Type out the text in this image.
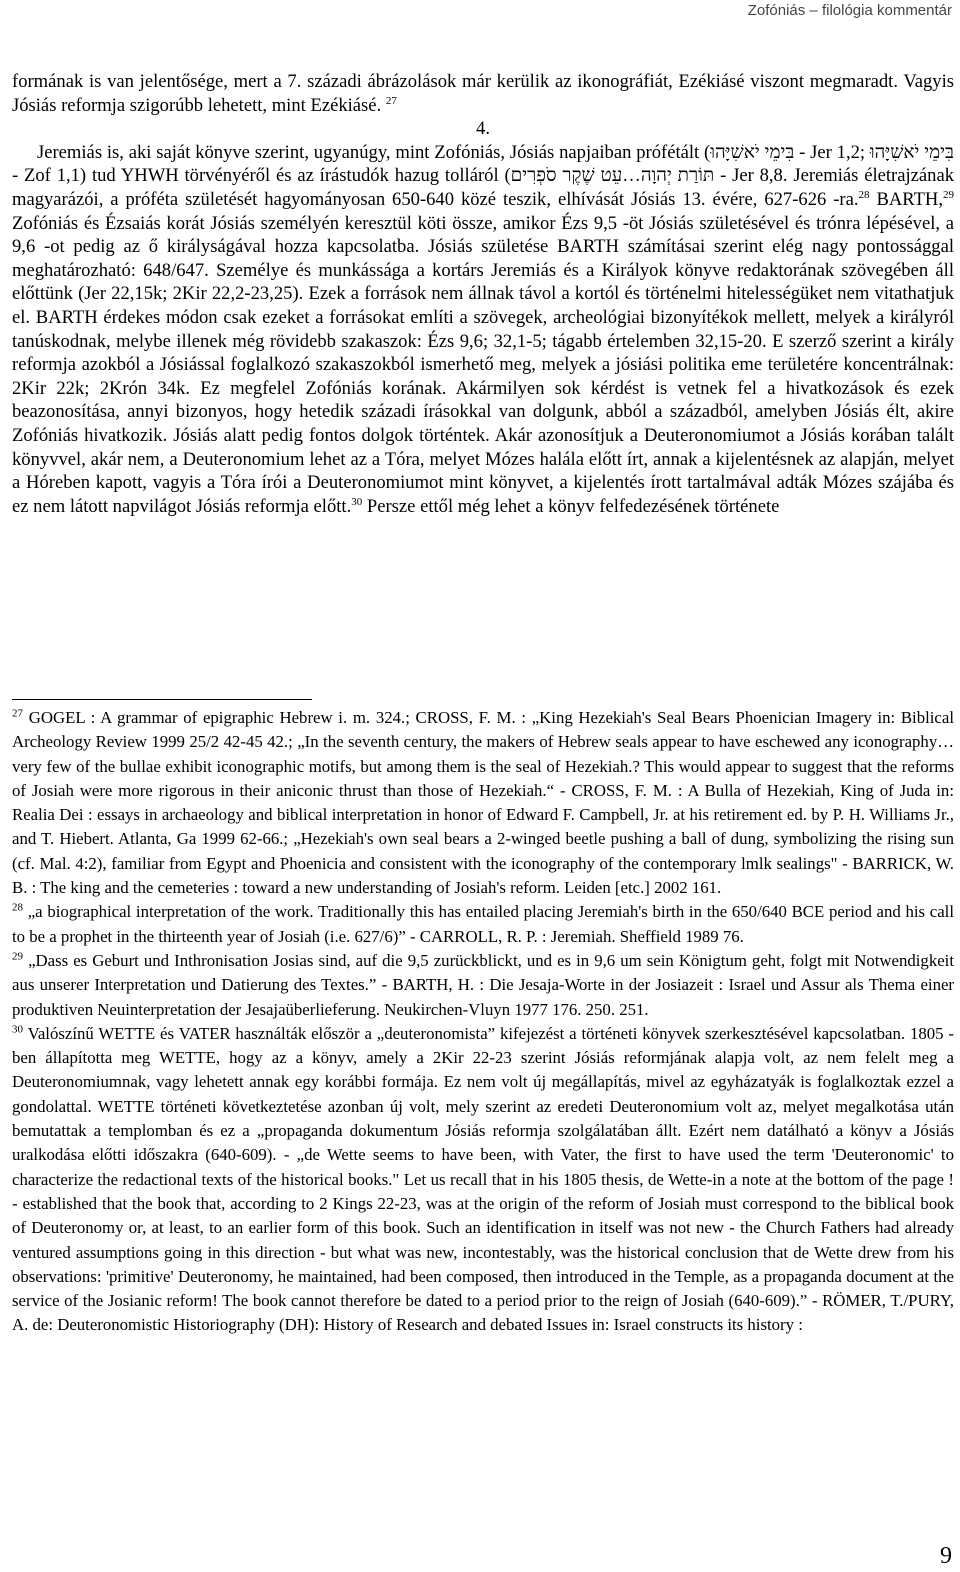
Zofóniás – filológia kommentár

formának is van jelentősége, mert a 7. századi ábrázolások már kerülik az ikonográfiát, Ezékiásé viszont megmaradt. Vagyis Jósiás reformja szigorúbb lehetett, mint Ezékiásé. $^{27}$

4.

Jeremiás is, aki saját könyve szerint, ugyanúgy, mint Zofóniás, Jósiás napjaiban prófétált (בִּימֵי יֹאשִׁיָּהוּ - Jer 1,2; בִּימֵי יֹאשִׁיָּהוּ - Zof 1,1) tud YHWH törvényéről és az írástudók hazug tolláról (תּוֹרַת יְהוָה…עֵט שֶׁקֶר סֹפְרִים - Jer 8,8. Jeremiás életrajzának magyarázói, a próféta születését hagyományosan 650-640 közé teszik, elhívását Jósiás 13. évére, 627-626 -ra.$^{28}$ BARTH,$^{29}$ Zofóniás és Ézsaiás korát Jósiás személyén keresztül köti össze, amikor Ézs 9,5 -öt Jósiás születésével és trónra lépésével, a 9,6 -ot pedig az ő királyságával hozza kapcsolatba. Jósiás születése BARTH számításai szerint elég nagy pontossággal meghatározható: 648/647. Személye és munkássága a kortárs Jeremiás és a Királyok könyve redaktorának szövegében áll előttünk (Jer 22,15k; 2Kir 22,2-23,25). Ezek a források nem állnak távol a kortól és történelmi hitelességüket nem vitathatjuk el. BARTH érdekes módon csak ezeket a forrásokat említi a szövegek, archeológiai bizonyítékok mellett, melyek a királyról tanúskodnak, melybe illenek még rövidebb szakaszok: Ézs 9,6; 32,1-5; tágabb értelemben 32,15-20. E szerző szerint a király reformja azokból a Jósiással foglalkozó szakaszokból ismerhető meg, melyek a jósiási politika eme területére koncentrálnak: 2Kir 22k; 2Krón 34k. Ez megfelel Zofóniás korának. Akármilyen sok kérdést is vetnek fel a hivatkozások és ezek beazonosítása, annyi bizonyos, hogy hetedik századi írásokkal van dolgunk, abból a századból, amelyben Jósiás élt, akire Zofóniás hivatkozik. Jósiás alatt pedig fontos dolgok történtek. Akár azonosítjuk a Deuteronomiumot a Jósiás korában talált könyvvel, akár nem, a Deuteronomium lehet az a Tóra, melyet Mózes halála előtt írt, annak a kijelentésnek az alapján, melyet a Hóreben kapott, vagyis a Tóra írói a Deuteronomiumot mint könyvet, a kijelentés írott tartalmával adták Mózes szájába és ez nem látott napvilágot Jósiás reformja előtt.$^{30}$ Persze ettől még lehet a könyv felfedezésének története

$^{27}$ GOGEL : A grammar of epigraphic Hebrew i. m. 324.; CROSS, F. M. : „King Hezekiah's Seal Bears Phoenician Imagery in: Biblical Archeology Review 1999 25/2 42-45 42.; „In the seventh century, the makers of Hebrew seals appear to have eschewed any iconography…very few of the bullae exhibit iconographic motifs, but among them is the seal of Hezekiah.? This would appear to suggest that the reforms of Josiah were more rigorous in their aniconic thrust than those of Hezekiah.“ - CROSS, F. M. : A Bulla of Hezekiah, King of Juda in: Realia Dei : essays in archaeology and biblical interpretation in honor of Edward F. Campbell, Jr. at his retirement ed. by P. H. Williams Jr., and T. Hiebert. Atlanta, Ga 1999 62-66.; „Hezekiah's own seal bears a 2-winged beetle pushing a ball of dung, symbolizing the rising sun (cf. Mal. 4:2), familiar from Egypt and Phoenicia and consistent with the iconography of the contemporary lmlk sealings" - BARRICK, W. B. : The king and the cemeteries : toward a new understanding of Josiah's reform. Leiden [etc.] 2002 161.

$^{28}$ „a biographical interpretation of the work. Traditionally this has entailed placing Jeremiah's birth in the 650/640 BCE period and his call to be a prophet in the thirteenth year of Josiah (i.e. 627/6)” - CARROLL, R. P. : Jeremiah. Sheffield 1989 76.

$^{29}$ „Dass es Geburt und Inthronisation Josias sind, auf die 9,5 zurückblickt, und es in 9,6 um sein Königtum geht, folgt mit Notwendigkeit aus unserer Interpretation und Datierung des Textes.” - BARTH, H. : Die Jesaja-Worte in der Josiazeit : Israel und Assur als Thema einer produktiven Neuinterpretation der Jesajaüberlieferung. Neukirchen-Vluyn 1977 176. 250. 251.

$^{30}$ Valószínű WETTE és VATER használták először a „deuteronomista” kifejezést a történeti könyvek szerkesztésével kapcsolatban. 1805 -ben állapította meg WETTE, hogy az a könyv, amely a 2Kir 22-23 szerint Jósiás reformjának alapja volt, az nem felelt meg a Deuteronomiumnak, vagy lehetett annak egy korábbi formája. Ez nem volt új megállapítás, mivel az egyházatyák is foglalkoztak ezzel a gondolattal. WETTE történeti következtetése azonban új volt, mely szerint az eredeti Deuteronomium volt az, melyet megalkotása után bemutattak a templomban és ez a „propaganda dokumentum Jósiás reformja szolgálatában állt. Ezért nem datálható a könyv a Jósiás uralkodása előtti időszakra (640-609). - „de Wette seems to have been, with Vater, the first to have used the term 'Deuteronomic' to characterize the redactional texts of the historical books." Let us recall that in his 1805 thesis, de Wette-in a note at the bottom of the page ! - established that the book that, according to 2 Kings 22-23, was at the origin of the reform of Josiah must correspond to the biblical book of Deuteronomy or, at least, to an earlier form of this book. Such an identification in itself was not new - the Church Fathers had already ventured assumptions going in this direction - but what was new, incontestably, was the historical conclusion that de Wette drew from his observations: 'primitive' Deuteronomy, he maintained, had been composed, then introduced in the Temple, as a propaganda document at the service of the Josianic reform! The book cannot therefore be dated to a period prior to the reign of Josiah (640-609).” - RÖMER, T./PURY, A. de: Deuteronomistic Historiography (DH): History of Research and debated Issues in: Israel constructs its history :

9
